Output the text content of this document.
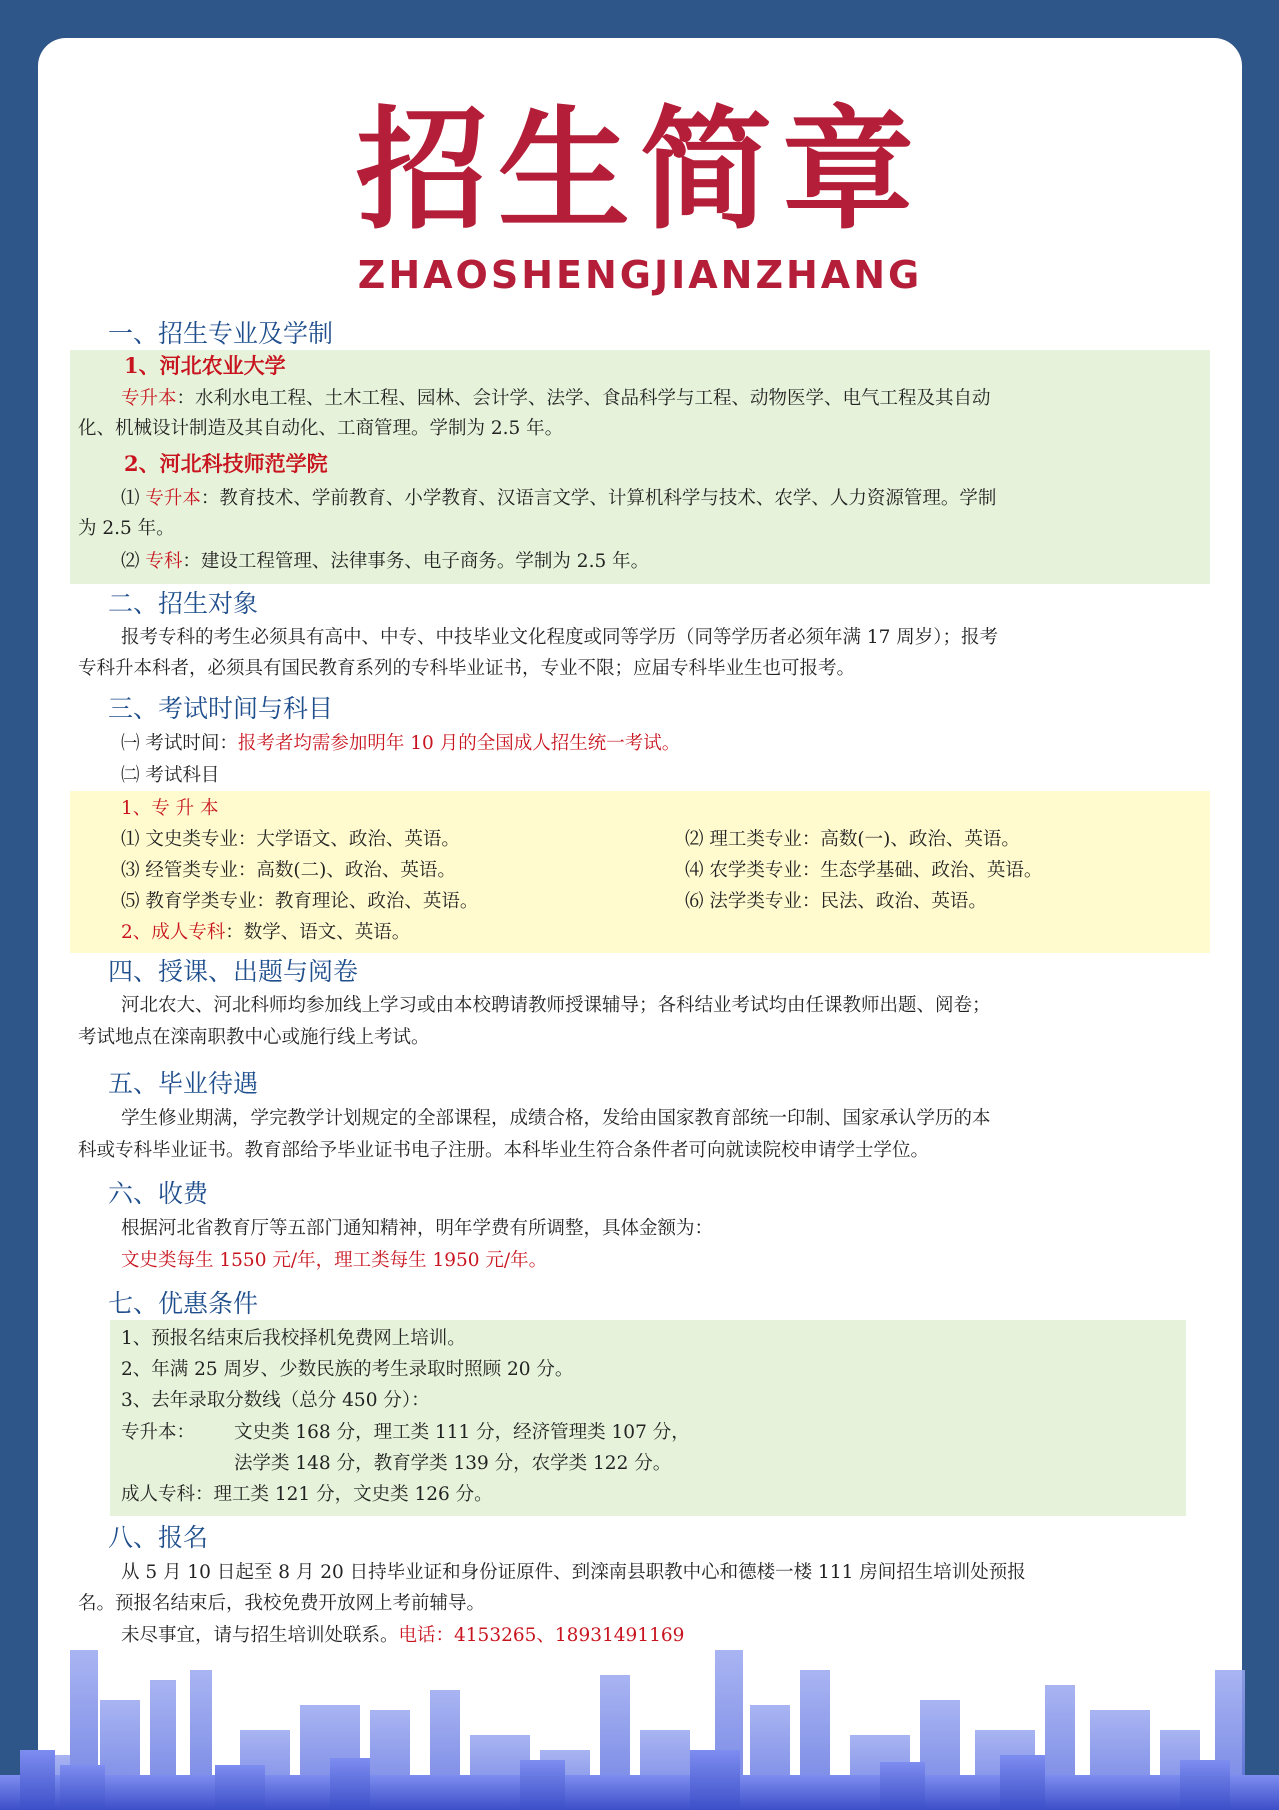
招生简章
ZHAOSHENGJIANZHANG
一、招生专业及学制
1、河北农业大学
专升本：水利水电工程、土木工程、园林、会计学、法学、食品科学与工程、动物医学、电气工程及其自动
化、机械设计制造及其自动化、工商管理。学制为 2.5 年。
2、河北科技师范学院
⑴ 专升本：教育技术、学前教育、小学教育、汉语言文学、计算机科学与技术、农学、人力资源管理。学制
为 2.5 年。
⑵ 专科：建设工程管理、法律事务、电子商务。学制为 2.5 年。
二、招生对象
报考专科的考生必须具有高中、中专、中技毕业文化程度或同等学历（同等学历者必须年满 17 周岁）；报考
专科升本科者，必须具有国民教育系列的专科毕业证书，专业不限；应届专科毕业生也可报考。
三、考试时间与科目
㈠ 考试时间：报考者均需参加明年 10 月的全国成人招生统一考试。
㈡ 考试科目
1、专 升 本
⑴ 文史类专业：大学语文、政治、英语。	⑵ 理工类专业：高数(一)、政治、英语。
⑶ 经管类专业：高数(二)、政治、英语。	⑷ 农学类专业：生态学基础、政治、英语。
⑸ 教育学类专业：教育理论、政治、英语。	⑹ 法学类专业：民法、政治、英语。
2、成人专科：数学、语文、英语。
四、授课、出题与阅卷
河北农大、河北科师均参加线上学习或由本校聘请教师授课辅导；各科结业考试均由任课教师出题、阅卷；
考试地点在滦南职教中心或施行线上考试。
五、毕业待遇
学生修业期满，学完教学计划规定的全部课程，成绩合格，发给由国家教育部统一印制、国家承认学历的本
科或专科毕业证书。教育部给予毕业证书电子注册。本科毕业生符合条件者可向就读院校申请学士学位。
六、收费
根据河北省教育厅等五部门通知精神，明年学费有所调整，具体金额为：
文史类每生 1550 元/年，理工类每生 1950 元/年。
七、优惠条件
1、预报名结束后我校择机免费网上培训。
2、年满 25 周岁、少数民族的考生录取时照顾 20 分。
3、去年录取分数线（总分 450 分）：
专升本： 文史类 168 分，理工类 111 分，经济管理类 107 分，
法学类 148 分，教育学类 139 分，农学类 122 分。
成人专科：理工类 121 分，文史类 126 分。
八、报名
从 5 月 10 日起至 8 月 20 日持毕业证和身份证原件、到滦南县职教中心和德楼一楼 111 房间招生培训处预报
名。预报名结束后，我校免费开放网上考前辅导。
未尽事宜，请与招生培训处联系。电话：4153265、18931491169
